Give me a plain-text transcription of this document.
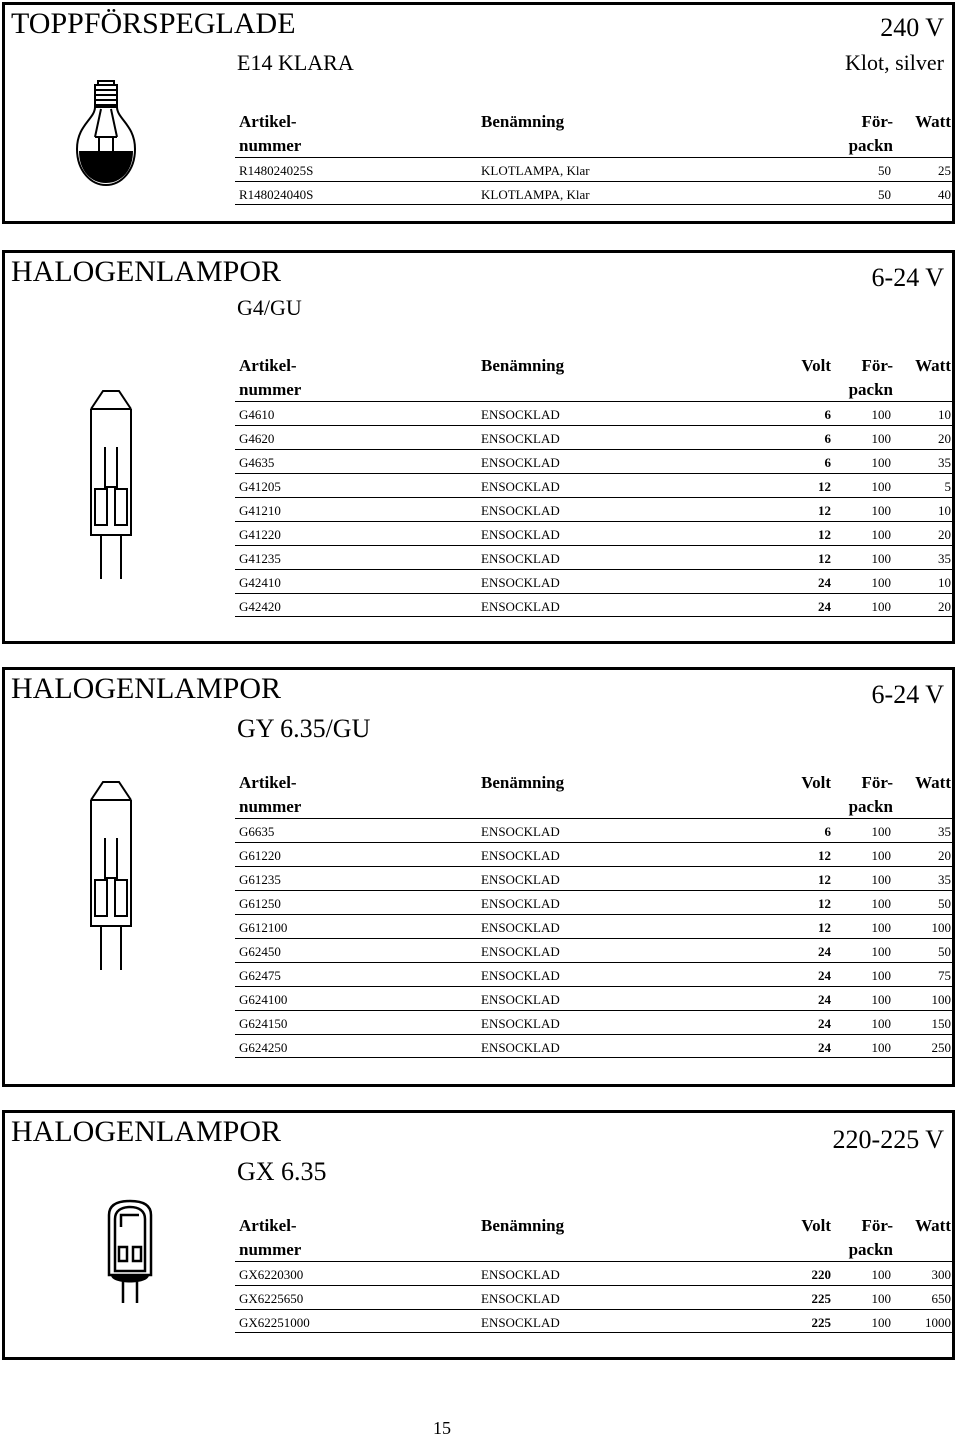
TOPPFÖRSPEGLADE	240 V
E14 KLARA	Klot, silver
Artikel-	Benämning	För- Watt
nummer	packn
R148024025S	KLOTLAMPA, Klar	50	25
R148024040S	KLOTLAMPA, Klar	50	40
HALOGENLAMPOR	6-24 V
G4/GU
Artikel-	Benämning	Volt För- Watt
nummer	packn
G4610	ENSOCKLAD	6	100	10
G4620	ENSOCKLAD	6	100	20
G4635	ENSOCKLAD	6	100	35
G41205	ENSOCKLAD	12	100	5
G41210	ENSOCKLAD	12	100	10
G41220	ENSOCKLAD	12	100	20
G41235	ENSOCKLAD	12	100	35
G42410	ENSOCKLAD	24	100	10
G42420	ENSOCKLAD	24	100	20
HALOGENLAMPOR	6-24 V
GY 6.35/GU
Artikel-	Benämning	Volt För- Watt
nummer	packn
G6635	ENSOCKLAD	6	100	35
G61220	ENSOCKLAD	12	100	20
G61235	ENSOCKLAD	12	100	35
G61250	ENSOCKLAD	12	100	50
G612100	ENSOCKLAD	12	100	100
G62450	ENSOCKLAD	24	100	50
G62475	ENSOCKLAD	24	100	75
G624100	ENSOCKLAD	24	100	100
G624150	ENSOCKLAD	24	100	150
G624250	ENSOCKLAD	24	100	250
HALOGENLAMPOR	220-225 V
GX 6.35
Artikel-	Benämning	Volt För- Watt
nummer	packn
GX6220300	ENSOCKLAD	220	100	300
GX6225650	ENSOCKLAD	225	100	650
GX62251000	ENSOCKLAD	225	100	1000
15
